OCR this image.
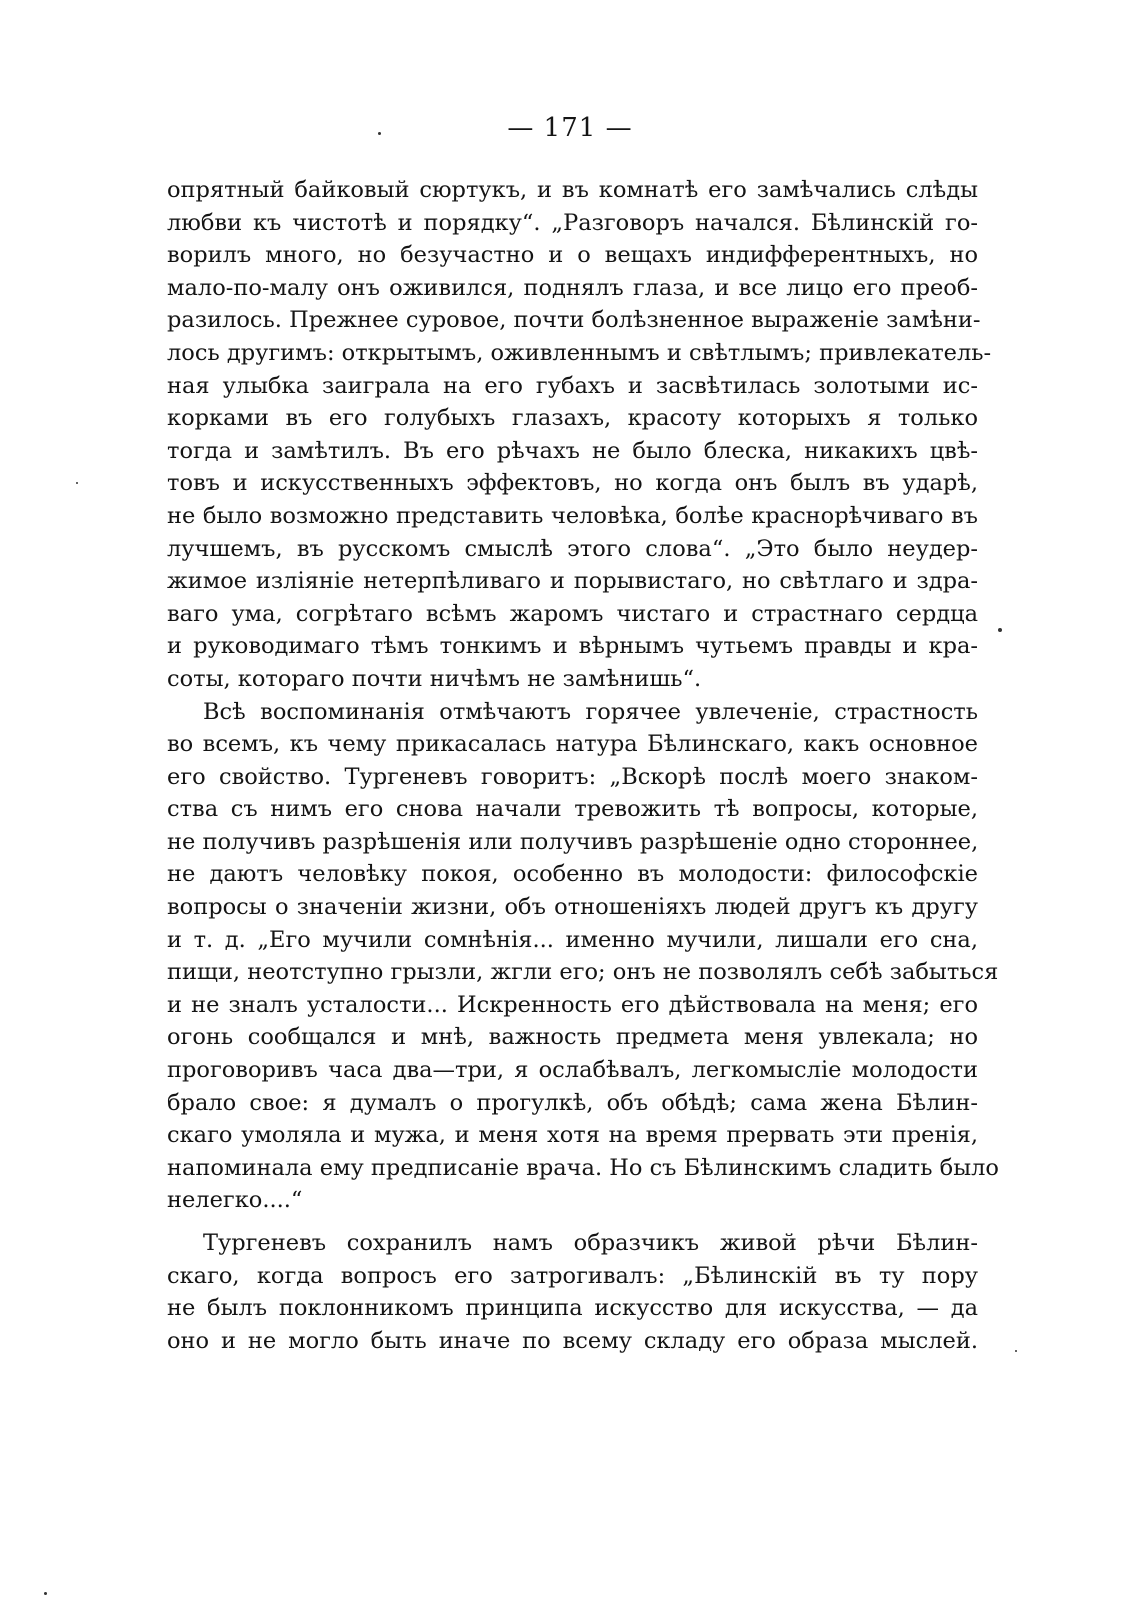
— 171 —
опрятный байковый сюртукъ, и въ комнатѣ его замѣчались слѣды
любви къ чистотѣ и порядку“. „Разговоръ начался. Бѣлинскій го-
ворилъ много, но безучастно и о вещахъ индифферентныхъ, но
мало-по-малу онъ оживился, поднялъ глаза, и все лицо его преоб-
разилось. Прежнее суровое, почти болѣзненное выраженіе замѣни-
лось другимъ: открытымъ, оживленнымъ и свѣтлымъ; привлекатель-
ная улыбка заиграла на его губахъ и засвѣтилась золотыми ис-
корками въ его голубыхъ глазахъ, красоту которыхъ я только
тогда и замѣтилъ. Въ его рѣчахъ не было блеска, никакихъ цвѣ-
товъ и искусственныхъ эффектовъ, но когда онъ былъ въ ударѣ,
не было возможно представить человѣка, болѣе краснорѣчиваго въ
лучшемъ, въ русскомъ смыслѣ этого слова“. „Это было неудер-
жимое изліяніе нетерпѣливаго и порывистаго, но свѣтлаго и здра-
ваго ума, согрѣтаго всѣмъ жаромъ чистаго и страстнаго сердца
и руководимаго тѣмъ тонкимъ и вѣрнымъ чутьемъ правды и кра-
соты, котораго почти ничѣмъ не замѣнишь“.
Всѣ воспоминанія отмѣчаютъ горячее увлеченіе, страстность
во всемъ, къ чему прикасалась натура Бѣлинскаго, какъ основное
его свойство. Тургеневъ говоритъ: „Вскорѣ послѣ моего знаком-
ства съ нимъ его снова начали тревожить тѣ вопросы, которые,
не получивъ разрѣшенія или получивъ разрѣшеніе одно стороннее,
не даютъ человѣку покоя, особенно въ молодости: философскіе
вопросы о значеніи жизни, объ отношеніяхъ людей другъ къ другу
и т. д. „Его мучили сомнѣнія... именно мучили, лишали его сна,
пищи, неотступно грызли, жгли его; онъ не позволялъ себѣ забыться
и не зналъ усталости... Искренность его дѣйствовала на меня; его
огонь сообщался и мнѣ, важность предмета меня увлекала; но
проговоривъ часа два—три, я ослабѣвалъ, легкомысліе молодости
брало свое: я думалъ о прогулкѣ, объ обѣдѣ; сама жена Бѣлин-
скаго умоляла и мужа, и меня хотя на время прервать эти пренія,
напоминала ему предписаніе врача. Но съ Бѣлинскимъ сладить было
нелегко....“
Тургеневъ сохранилъ намъ образчикъ живой рѣчи Бѣлин-
скаго, когда вопросъ его затрогивалъ: „Бѣлинскій въ ту пору
не былъ поклонникомъ принципа искусство для искусства, — да
оно и не могло быть иначе по всему складу его образа мыслей.
